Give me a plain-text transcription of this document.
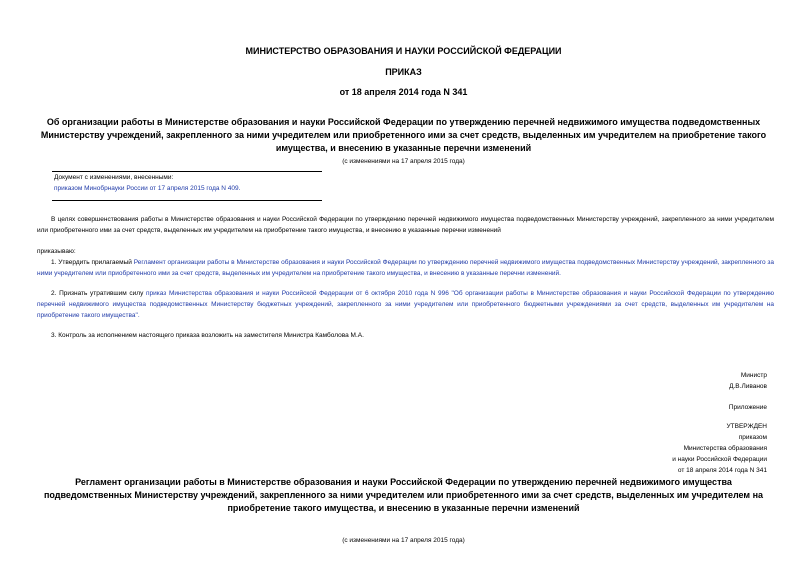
МИНИСТЕРСТВО ОБРАЗОВАНИЯ И НАУКИ РОССИЙСКОЙ ФЕДЕРАЦИИ
ПРИКАЗ
от 18 апреля 2014 года N 341
Об организации работы в Министерстве образования и науки Российской Федерации по утверждению перечней недвижимого имущества подведомственных Министерству учреждений, закрепленного за ними учредителем или приобретенного ими за счет средств, выделенных им учредителем на приобретение такого имущества, и внесению в указанные перечни изменений
(с изменениями на 17 апреля 2015 года)
Документ с изменениями, внесенными:
приказом Минобрнауки России от 17 апреля 2015 года N 409.
В целях совершенствования работы в Министерстве образования и науки Российской Федерации по утверждению перечней недвижимого имущества подведомственных Министерству учреждений, закрепленного за ними учредителем или приобретенного ими за счет средств, выделенных им учредителем на приобретение такого имущества, и внесению в указанные перечни изменений
приказываю:
1. Утвердить прилагаемый Регламент организации работы в Министерстве образования и науки Российской Федерации по утверждению перечней недвижимого имущества подведомственных Министерству учреждений, закрепленного за ними учредителем или приобретенного ими за счет средств, выделенных им учредителем на приобретение такого имущества, и внесению в указанные перечни изменений.
2. Признать утратившим силу приказ Министерства образования и науки Российской Федерации от 6 октября 2010 года N 996 "Об организации работы в Министерстве образования и науки Российской Федерации по утверждению перечней недвижимого имущества подведомственных Министерству бюджетных учреждений, закрепленного за ними учредителем или приобретенного бюджетными учреждениями за счет средств, выделенных им учредителем на приобретение такого имущества".
3. Контроль за исполнением настоящего приказа возложить на заместителя Министра Камболова М.А.
Министр
Д.В.Ливанов
Приложение
УТВЕРЖДЕН
приказом
Министерства образования
и науки Российской Федерации
от 18 апреля 2014 года N 341
Регламент организации работы в Министерстве образования и науки Российской Федерации по утверждению перечней недвижимого имущества подведомственных Министерству учреждений, закрепленного за ними учредителем или приобретенного ими за счет средств, выделенных им учредителем на приобретение такого имущества, и внесению в указанные перечни изменений
(с изменениями на 17 апреля 2015 года)
